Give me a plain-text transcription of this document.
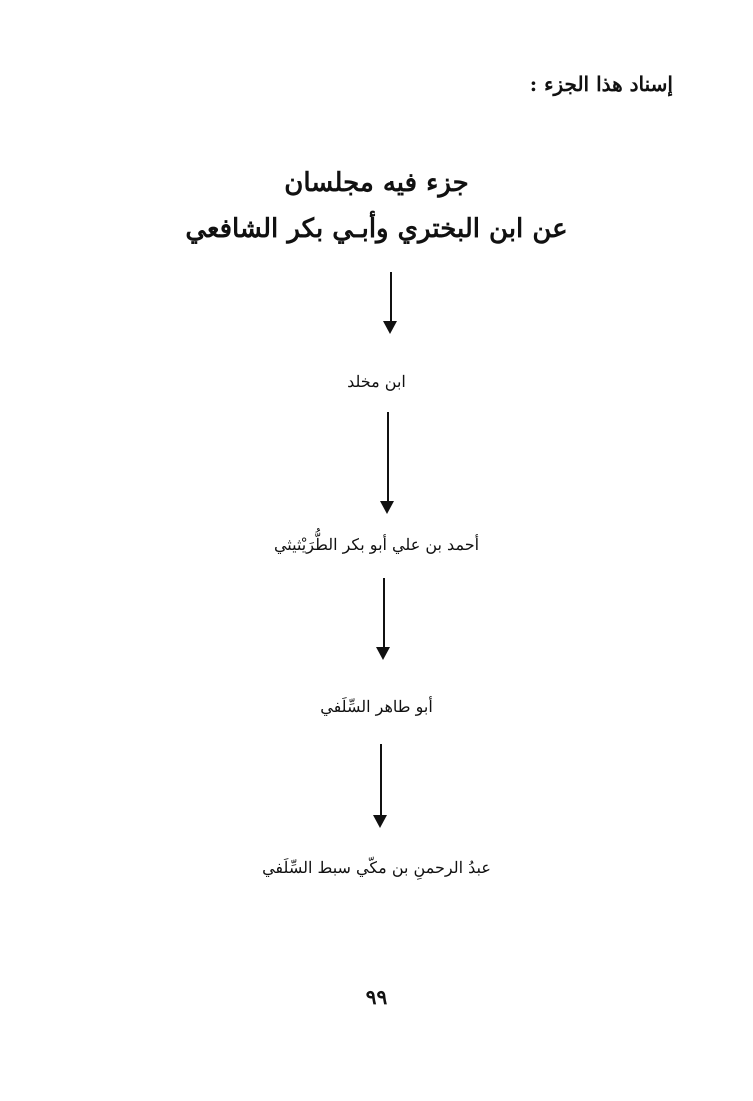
إسناد هذا الجزء :
جزء فيه مجلسان
عن ابن البختري وأبـي بكر الشافعي
ابن مخلد
أحمد بن علي أبو بكر الطُّرَيْثيثي
أبو طاهر السِّلَفي
عبدُ الرحمنِ بن مكّي سبط السِّلَفي
٩٩
